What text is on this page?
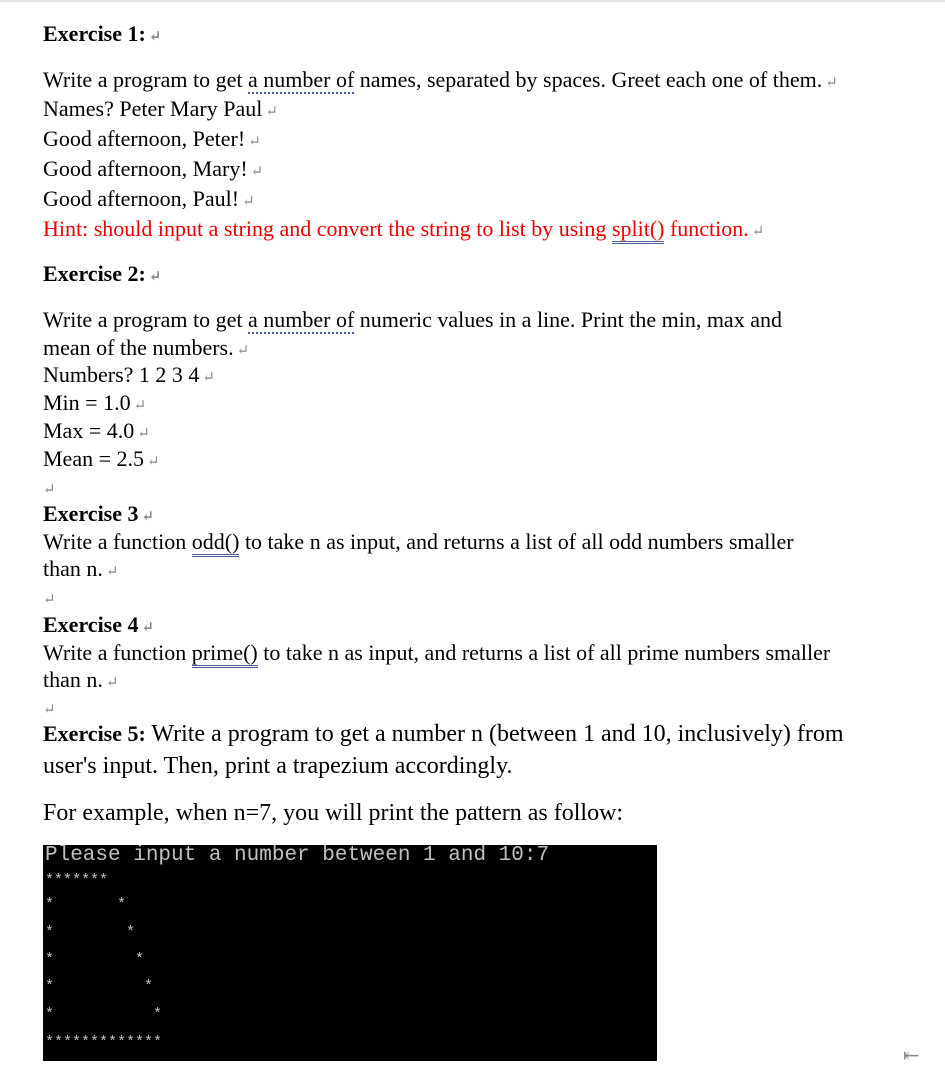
Exercise 1: ↵
Write a program to get a number of names, separated by spaces. Greet each one of them. ↵
Names? Peter Mary Paul ↵
Good afternoon, Peter! ↵
Good afternoon, Mary! ↵
Good afternoon, Paul! ↵
Hint: should input a string and convert the string to list by using split() function. ↵
Exercise 2: ↵
Write a program to get a number of numeric values in a line. Print the min, max and
mean of the numbers. ↵
Numbers? 1 2 3 4 ↵
Min = 1.0 ↵
Max = 4.0 ↵
Mean = 2.5 ↵
↵
Exercise 3 ↵
Write a function odd() to take n as input, and returns a list of all odd numbers smaller
than n. ↵
↵
Exercise 4 ↵
Write a function prime() to take n as input, and returns a list of all prime numbers smaller
than n. ↵
↵
Exercise 5: Write a program to get a number n (between 1 and 10, inclusively) from
user's input. Then, print a trapezium accordingly.
For example, when n=7, you will print the pattern as follow:
Please input a number between 1 and 10:7
*******
*       *
*        *
*         *
*          *
*           *
*************
⇤
